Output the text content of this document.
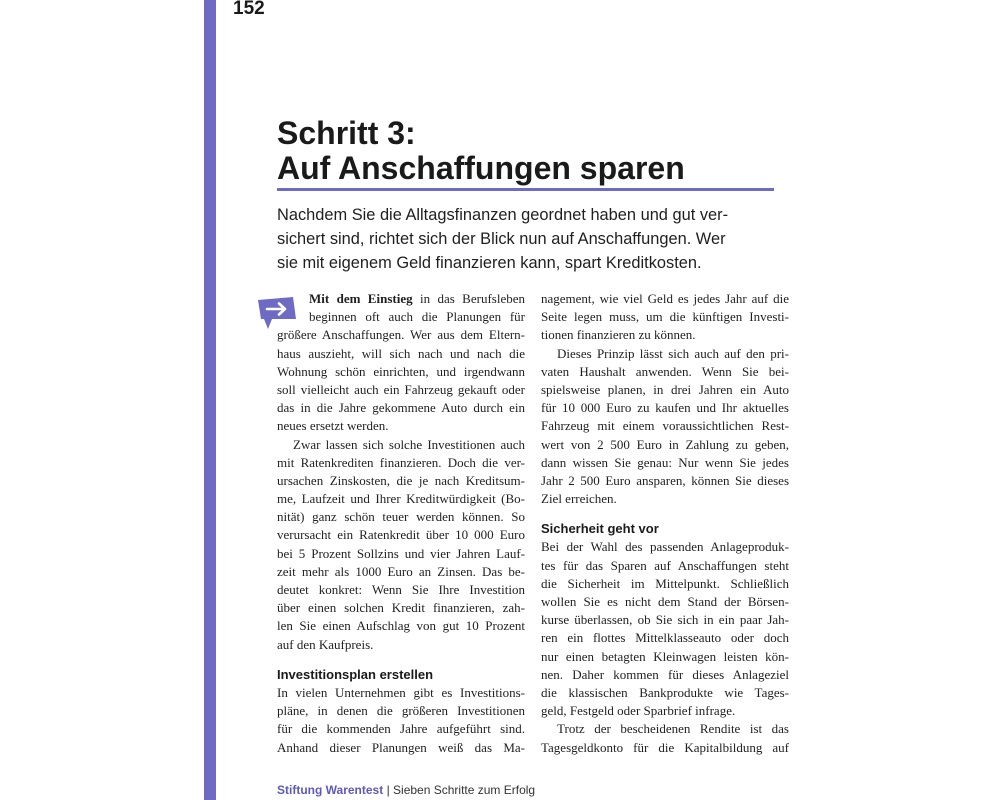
152
Schritt 3:
Auf Anschaffungen sparen

Nachdem Sie die Alltagsfinanzen geordnet haben und gut ver-
sichert sind, richtet sich der Blick nun auf Anschaffungen. Wer
sie mit eigenem Geld finanzieren kann, spart Kreditkosten.

Mit dem Einstieg in das Berufsleben
beginnen oft auch die Planungen für
größere Anschaffungen. Wer aus dem Eltern-
haus auszieht, will sich nach und nach die
Wohnung schön einrichten, und irgendwann
soll vielleicht auch ein Fahrzeug gekauft oder
das in die Jahre gekommene Auto durch ein
neues ersetzt werden.
Zwar lassen sich solche Investitionen auch
mit Ratenkrediten finanzieren. Doch die ver-
ursachen Zinskosten, die je nach Kreditsum-
me, Laufzeit und Ihrer Kreditwürdigkeit (Bo-
nität) ganz schön teuer werden können. So
verursacht ein Ratenkredit über 10 000 Euro
bei 5 Prozent Sollzins und vier Jahren Lauf-
zeit mehr als 1000 Euro an Zinsen. Das be-
deutet konkret: Wenn Sie Ihre Investition
über einen solchen Kredit finanzieren, zah-
len Sie einen Aufschlag von gut 10 Prozent
auf den Kaufpreis.
Investitionsplan erstellen
In vielen Unternehmen gibt es Investitions-
pläne, in denen die größeren Investitionen
für die kommenden Jahre aufgeführt sind.
Anhand dieser Planungen weiß das Ma-
nagement, wie viel Geld es jedes Jahr auf die
Seite legen muss, um die künftigen Investi-
tionen finanzieren zu können.
Dieses Prinzip lässt sich auch auf den pri-
vaten Haushalt anwenden. Wenn Sie bei-
spielsweise planen, in drei Jahren ein Auto
für 10 000 Euro zu kaufen und Ihr aktuelles
Fahrzeug mit einem voraussichtlichen Rest-
wert von 2 500 Euro in Zahlung zu geben,
dann wissen Sie genau: Nur wenn Sie jedes
Jahr 2 500 Euro ansparen, können Sie dieses
Ziel erreichen.
Sicherheit geht vor
Bei der Wahl des passenden Anlageproduk-
tes für das Sparen auf Anschaffungen steht
die Sicherheit im Mittelpunkt. Schließlich
wollen Sie es nicht dem Stand der Börsen-
kurse überlassen, ob Sie sich in ein paar Jah-
ren ein flottes Mittelklasseauto oder doch
nur einen betagten Kleinwagen leisten kön-
nen. Daher kommen für dieses Anlageziel
die klassischen Bankprodukte wie Tages-
geld, Festgeld oder Sparbrief infrage.
Trotz der bescheidenen Rendite ist das
Tagesgeldkonto für die Kapitalbildung auf
Stiftung Warentest | Sieben Schritte zum Erfolg
